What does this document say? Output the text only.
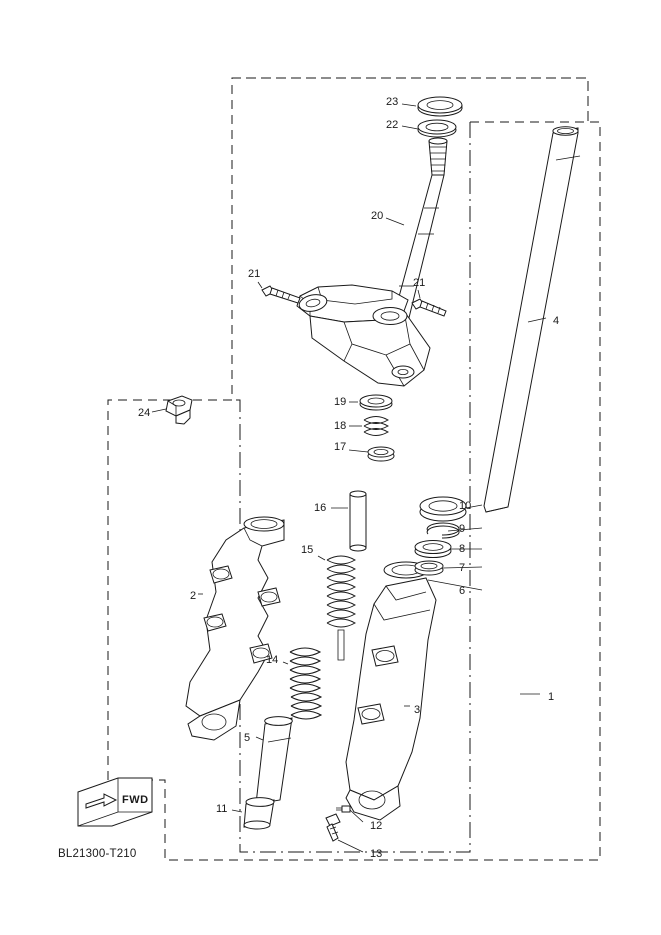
FWD
1
2
3
4
5
6
7
8
9
10
11
12
13
14
15
16
17
18
19
20
21
21
22
23
24
BL21300-T210
